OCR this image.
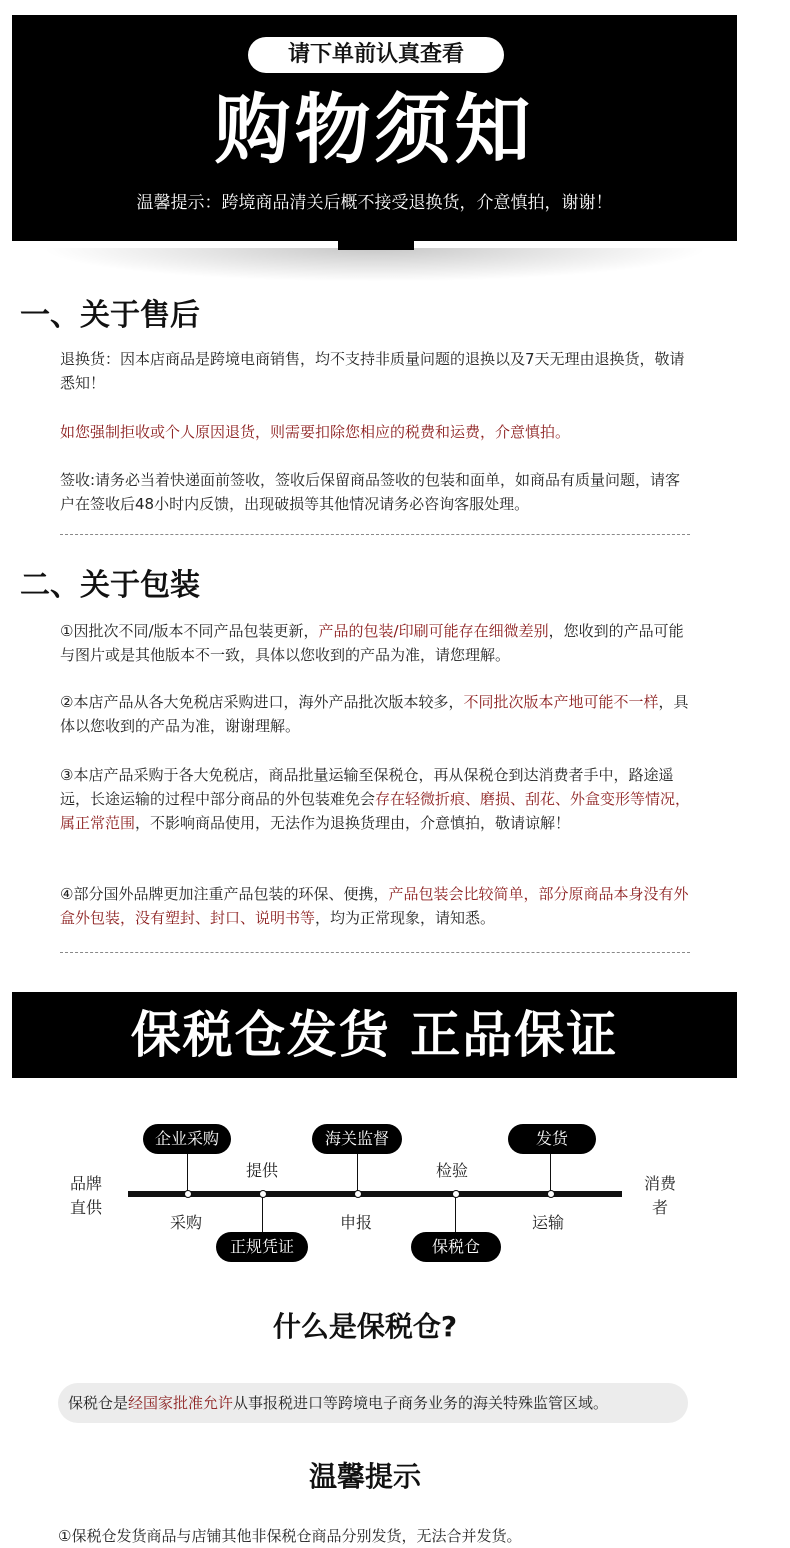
请下单前认真查看
购物须知
温馨提示：跨境商品清关后概不接受退换货，介意慎拍，谢谢！
一、关于售后
退换货：因本店商品是跨境电商销售，均不支持非质量问题的退换以及7天无理由退换货，敬请悉知！
如您强制拒收或个人原因退货，则需要扣除您相应的税费和运费，介意慎拍。
签收:请务必当着快递面前签收，签收后保留商品签收的包装和面单，如商品有质量问题，请客户在签收后48小时内反馈，出现破损等其他情况请务必咨询客服处理。
二、关于包装
①因批次不同/版本不同产品包装更新，产品的包装/印刷可能存在细微差别，您收到的产品可能与图片或是其他版本不一致，具体以您收到的产品为准，请您理解。
②本店产品从各大免税店采购进口，海外产品批次版本较多，不同批次版本产地可能不一样，具体以您收到的产品为准，谢谢理解。
③本店产品采购于各大免税店，商品批量运输至保税仓，再从保税仓到达消费者手中，路途遥远，长途运输的过程中部分商品的外包装难免会存在轻微折痕、磨损、刮花、外盒变形等情况，属正常范围，不影响商品使用，无法作为退换货理由，介意慎拍，敬请谅解！
④部分国外品牌更加注重产品包装的环保、便携，产品包装会比较简单，部分原商品本身没有外盒外包装，没有塑封、封口、说明书等，均为正常现象，请知悉。
保税仓发货 正品保证
品牌直供
消费者
企业采购	海关监督	发货
正规凭证	保税仓
提供	检验
采购	申报	运输
什么是保税仓?
保税仓是经国家批准允许从事报税进口等跨境电子商务业务的海关特殊监管区域。
温馨提示
①保税仓发货商品与店铺其他非保税仓商品分别发货，无法合并发货。
